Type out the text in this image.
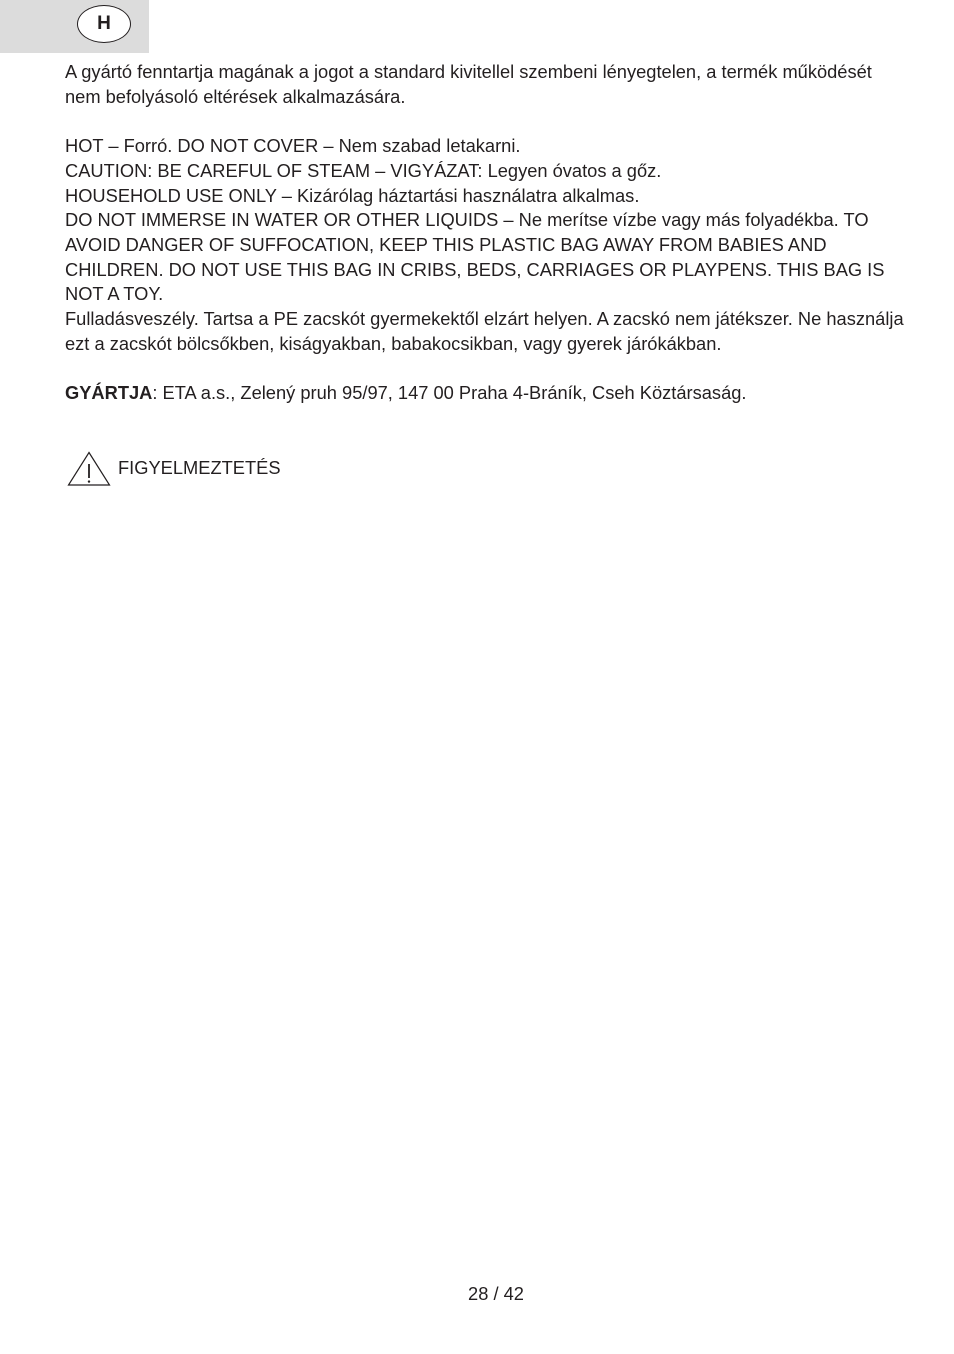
H

A gyártó fenntartja magának a jogot a standard kivitellel szembeni lényegtelen, a termék működését nem befolyásoló eltérések alkalmazására.

HOT – Forró. DO NOT COVER – Nem szabad letakarni.

CAUTION: BE CAREFUL OF STEAM – VIGYÁZAT: Legyen óvatos a gőz.

HOUSEHOLD USE ONLY – Kizárólag háztartási használatra alkalmas.

DO NOT IMMERSE IN WATER OR OTHER LIQUIDS – Ne merítse vízbe vagy más folyadékba. TO AVOID DANGER OF SUFFOCATION, KEEP THIS PLASTIC BAG AWAY FROM BABIES AND CHILDREN. DO NOT USE THIS BAG IN CRIBS, BEDS, CARRIAGES OR PLAYPENS. THIS BAG IS NOT A TOY.

Fulladásveszély. Tartsa a PE zacskót gyermekektől elzárt helyen. A zacskó nem játékszer. Ne használja ezt a zacskót bölcsőkben, kiságyakban, babakocsikban, vagy gyerek járókákban.

GYÁRTJA: ETA a.s., Zelený pruh 95/97, 147 00 Praha 4-Bráník, Cseh Köztársaság.

FIGYELMEZTETÉS
28 / 42
